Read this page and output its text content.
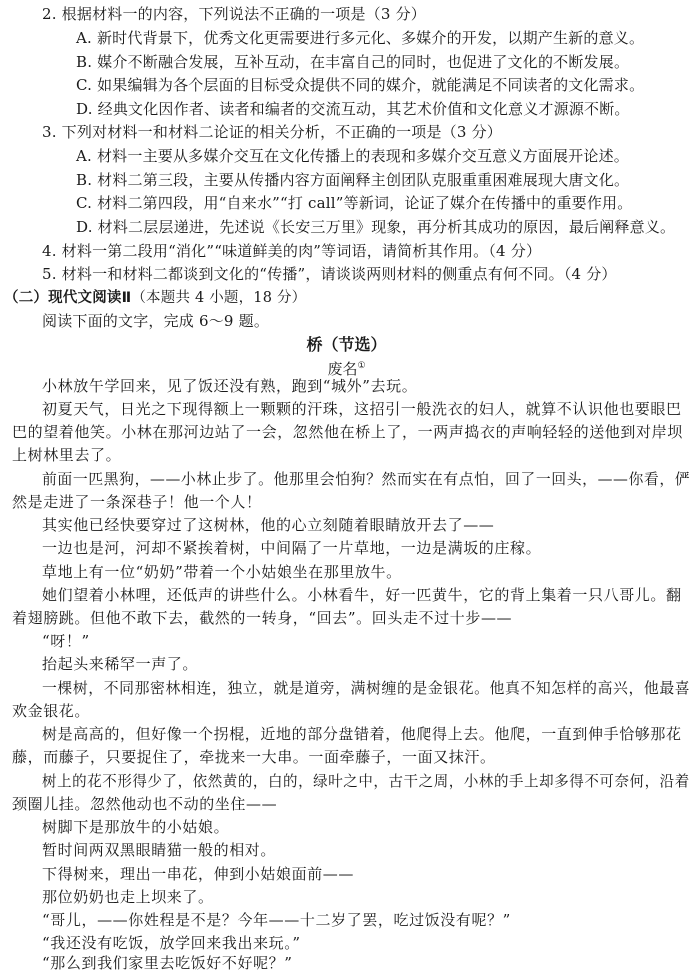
2. 根据材料一的内容，下列说法不正确的一项是（3 分）
A. 新时代背景下，优秀文化更需要进行多元化、多媒介的开发，以期产生新的意义。
B. 媒介不断融合发展，互补互动，在丰富自己的同时，也促进了文化的不断发展。
C. 如果编辑为各个层面的目标受众提供不同的媒介，就能满足不同读者的文化需求。
D. 经典文化因作者、读者和编者的交流互动，其艺术价值和文化意义才源源不断。
3. 下列对材料一和材料二论证的相关分析，不正确的一项是（3 分）
A. 材料一主要从多媒介交互在文化传播上的表现和多媒介交互意义方面展开论述。
B. 材料二第三段，主要从传播内容方面阐释主创团队克服重重困难展现大唐文化。
C. 材料二第四段，用“自来水”“打 call”等新词，论证了媒介在传播中的重要作用。
D. 材料二层层递进，先述说《长安三万里》现象，再分析其成功的原因，最后阐释意义。
4. 材料一第二段用“消化”“味道鲜美的肉”等词语，请简析其作用。（4 分）
5. 材料一和材料二都谈到文化的“传播”，请谈谈两则材料的侧重点有何不同。（4 分）
（二）现代文阅读Ⅱ（本题共 4 小题，18 分）
阅读下面的文字，完成 6～9 题。
桥（节选）
废名①
小林放午学回来，见了饭还没有熟，跑到“城外”去玩。
初夏天气，日光之下现得额上一颗颗的汗珠，这招引一般洗衣的妇人，就算不认识他也要眼巴
巴的望着他笑。小林在那河边站了一会，忽然他在桥上了，一两声捣衣的声响轻轻的送他到对岸坝
上树林里去了。
前面一匹黑狗，——小林止步了。他那里会怕狗？然而实在有点怕，回了一回头，——你看，俨
然是走进了一条深巷子！他一个人！
其实他已经快要穿过了这树林，他的心立刻随着眼睛放开去了——
一边也是河，河却不紧挨着树，中间隔了一片草地，一边是满坂的庄稼。
草地上有一位“奶奶”带着一个小姑娘坐在那里放牛。
她们望着小林哩，还低声的讲些什么。小林看牛，好一匹黄牛，它的背上集着一只八哥儿。翻
着翅膀跳。但他不敢下去，截然的一转身，“回去”。回头走不过十步——
“呀！”
抬起头来稀罕一声了。
一棵树，不同那密林相连，独立，就是道旁，满树缠的是金银花。他真不知怎样的高兴，他最喜
欢金银花。
树是高高的，但好像一个拐棍，近地的部分盘错着，他爬得上去。他爬，一直到伸手恰够那花
藤，而藤子，只要捉住了，牵拢来一大串。一面牵藤子，一面又抹汗。
树上的花不形得少了，依然黄的，白的，绿叶之中，古干之周，小林的手上却多得不可奈何，沿着
颈圈儿挂。忽然他动也不动的坐住——
树脚下是那放牛的小姑娘。
暂时间两双黑眼睛猫一般的相对。
下得树来，理出一串花，伸到小姑娘面前——
那位奶奶也走上坝来了。
“哥儿，——你姓程是不是？今年——十二岁了罢，吃过饭没有呢？”
“我还没有吃饭，放学回来我出来玩。”
“那么到我们家里去吃饭好不好呢？”
